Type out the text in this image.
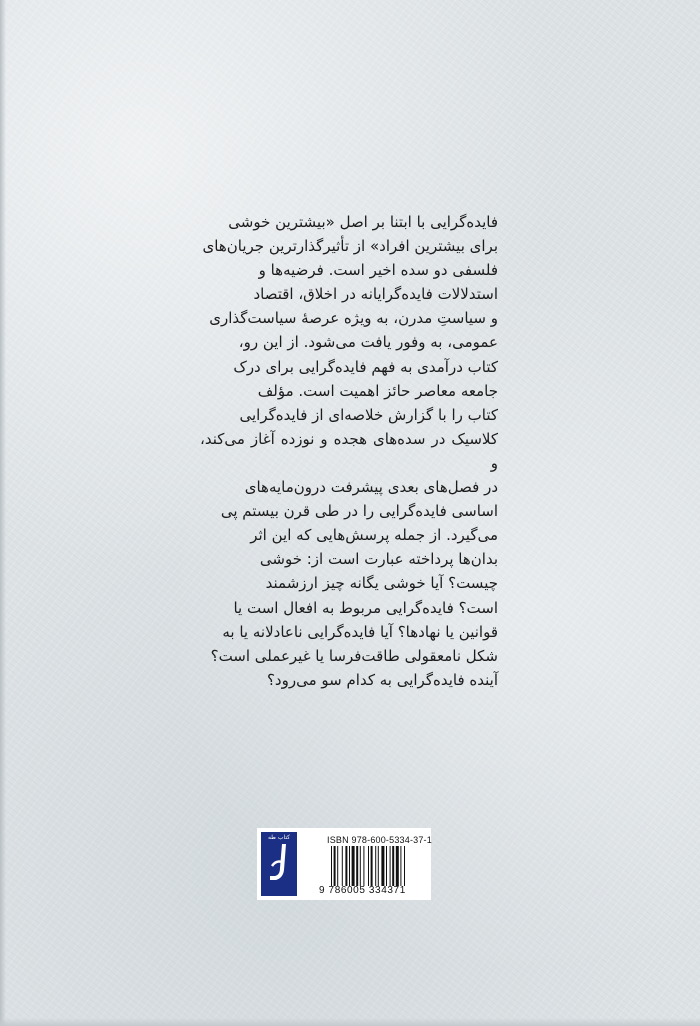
فایده‌گرایی با ابتنا بر اصل «بیشترین خوشی

برای بیشترین افراد» از تأثیرگذارترین جریان‌های

فلسفی دو سده اخیر است. فرضیه‌ها و

استدلالات فایده‌گرایانه در اخلاق، اقتصاد

و سیاستِ مدرن، به ویژه عرصهٔ سیاست‌گذاری

عمومی، به وفور یافت می‌شود. از این رو،

کتاب درآمدی به فهم فایده‌گرایی برای درک

جامعه معاصر حائز اهمیت است. مؤلف

کتاب را با گزارش خلاصه‌ای از فایده‌گرایی

کلاسیک در سده‌های هجده و نوزده آغاز می‌کند، و

در فصل‌های بعدی پیشرفت درون‌مایه‌های

اساسی فایده‌گرایی را در طی قرن بیستم پی

می‌گیرد. از جمله پرسش‌هایی که این اثر

بدان‌ها پرداخته عبارت است از: خوشی

چیست؟ آیا خوشی یگانه چیز ارزشمند

است؟ فایده‌گرایی مربوط به افعال است یا

قوانین یا نهادها؟ آیا فایده‌گرایی ناعادلانه یا به

شکل نامعقولی طاقت‌فرسا یا غیرعملی است؟

آینده فایده‌گرایی به کدام سو می‌رود؟

کتاب طه	ISBN 978-600-5334-37-1
9 786005 334371
